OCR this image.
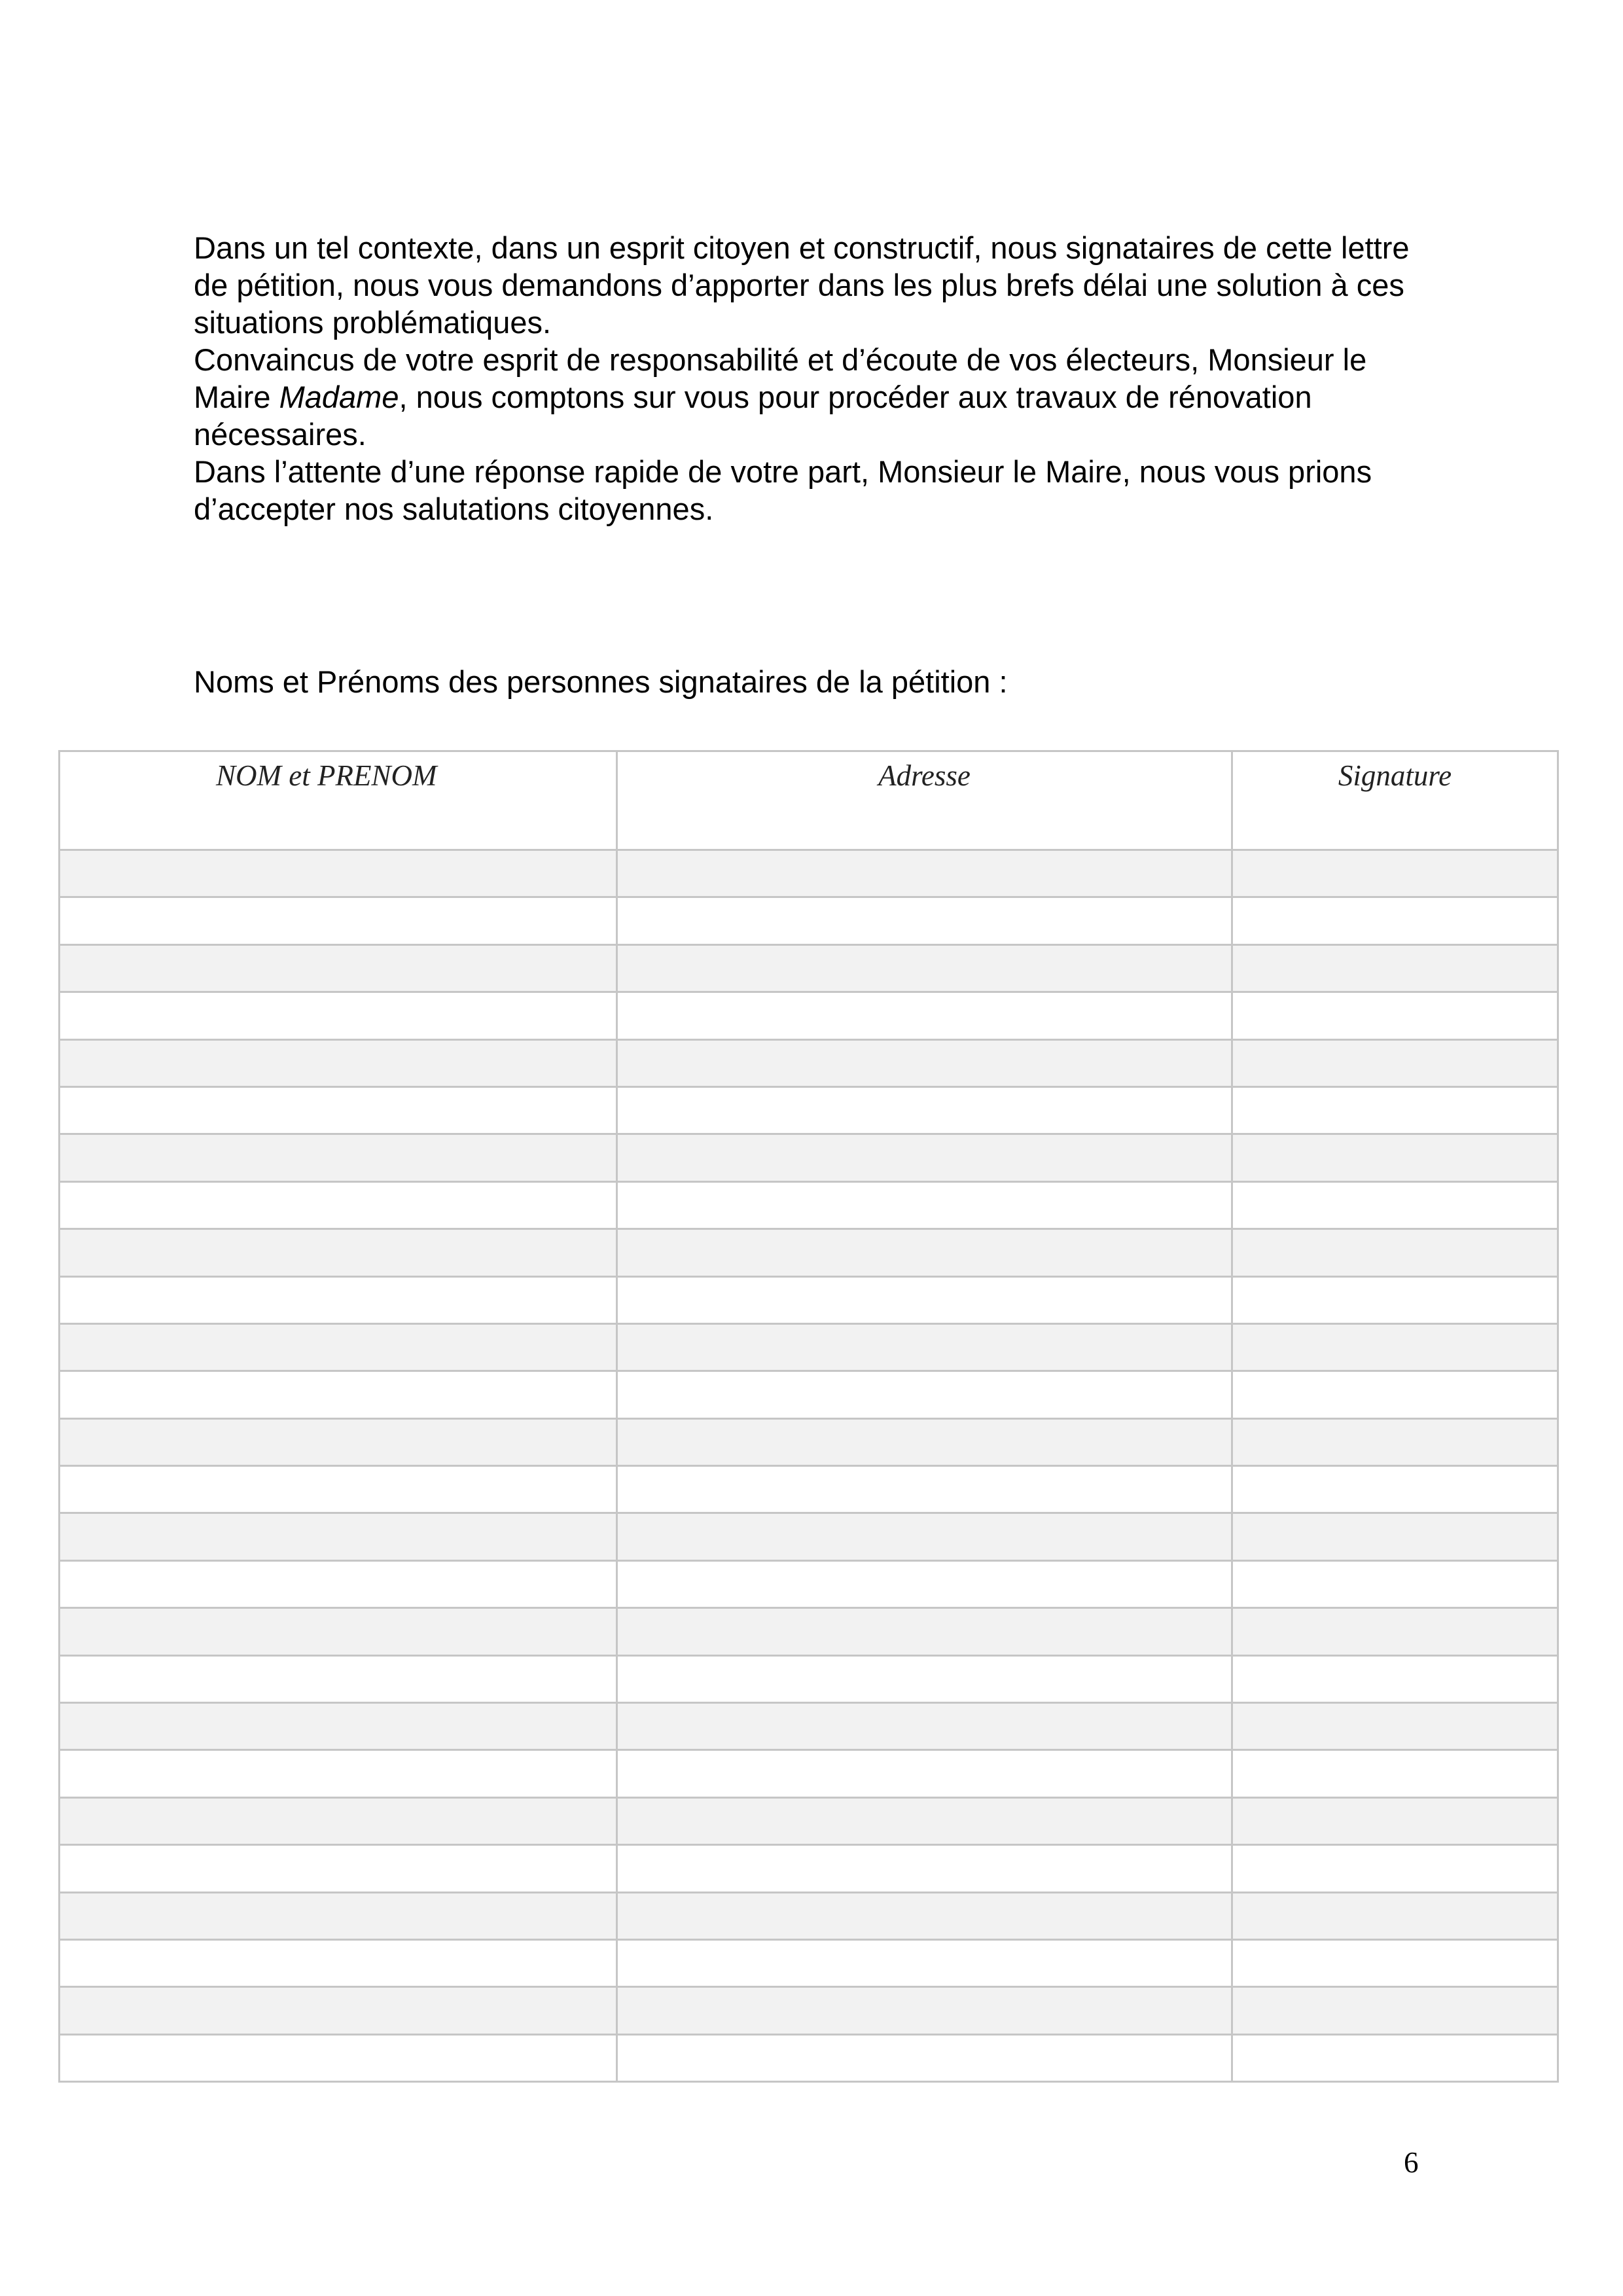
Dans un tel contexte, dans un esprit citoyen et constructif, nous signataires de cette lettre de pétition, nous vous demandons d’apporter dans les plus brefs délai une solution à ces situations problématiques.

Convaincus de votre esprit de responsabilité et d’écoute de vos électeurs, Monsieur le Maire Madame, nous comptons sur vous pour procéder aux travaux de rénovation nécessaires.

Dans l’attente d’une réponse rapide de votre part, Monsieur le Maire, nous vous prions d’accepter nos salutations citoyennes.

Noms et Prénoms des personnes signataires de la pétition :
NOM et PRENOM	Adresse	Signature

6
